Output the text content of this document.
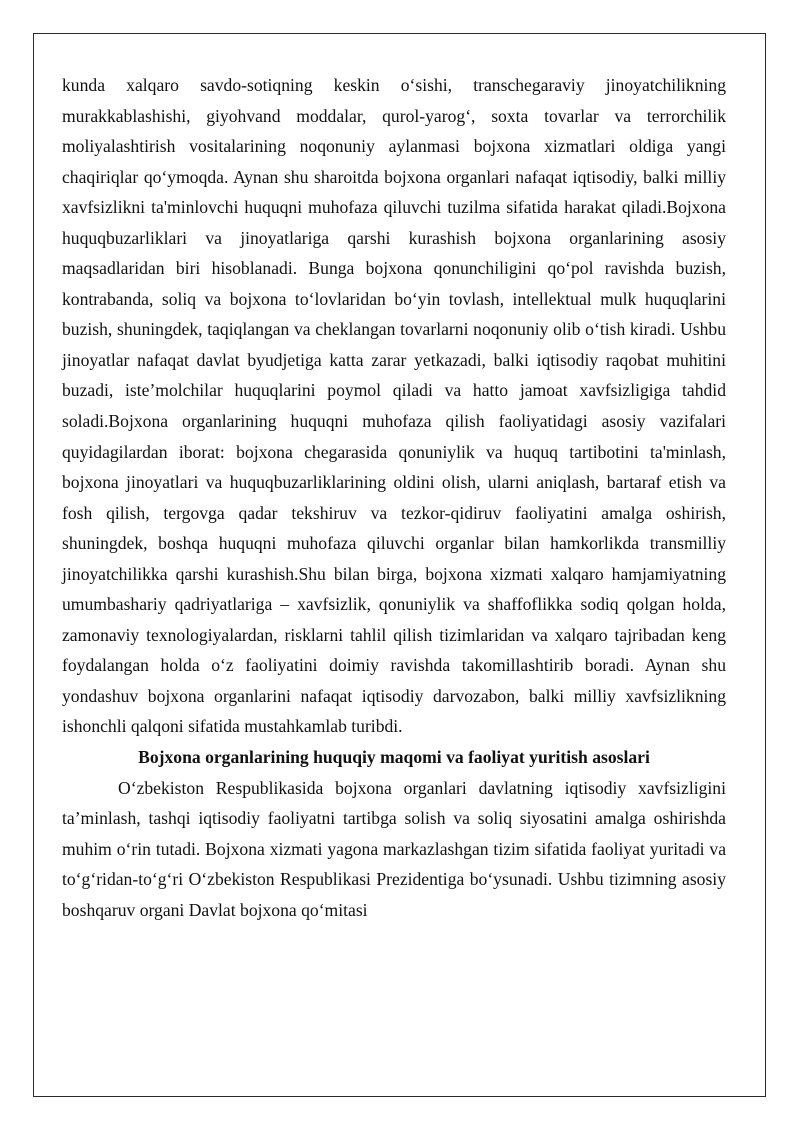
kunda xalqaro savdo-sotiqning keskin o‘sishi, transchegaraviy jinoyatchilikning murakkablashishi, giyohvand moddalar, qurol-yarog‘, soxta tovarlar va terrorchilik moliyalashtirish vositalarining noqonuniy aylanmasi bojxona xizmatlari oldiga yangi chaqiriqlar qo‘ymoqda. Aynan shu sharoitda bojxona organlari nafaqat iqtisodiy, balki milliy xavfsizlikni ta'minlovchi huquqni muhofaza qiluvchi tuzilma sifatida harakat qiladi.Bojxona huquqbuzarliklari va jinoyatlariga qarshi kurashish bojxona organlarining asosiy maqsadlaridan biri hisoblanadi. Bunga bojxona qonunchiligini qo‘pol ravishda buzish, kontrabanda, soliq va bojxona to‘lovlaridan bo‘yin tovlash, intellektual mulk huquqlarini buzish, shuningdek, taqiqlangan va cheklangan tovarlarni noqonuniy olib o‘tish kiradi. Ushbu jinoyatlar nafaqat davlat byudjetiga katta zarar yetkazadi, balki iqtisodiy raqobat muhitini buzadi, iste’molchilar huquqlarini poymol qiladi va hatto jamoat xavfsizligiga tahdid soladi.Bojxona organlarining huquqni muhofaza qilish faoliyatidagi asosiy vazifalari quyidagilardan iborat: bojxona chegarasida qonuniylik va huquq tartibotini ta'minlash, bojxona jinoyatlari va huquqbuzarliklarining oldini olish, ularni aniqlash, bartaraf etish va fosh qilish, tergovga qadar tekshiruv va tezkor-qidiruv faoliyatini amalga oshirish, shuningdek, boshqa huquqni muhofaza qiluvchi organlar bilan hamkorlikda transmilliy jinoyatchilikka qarshi kurashish.Shu bilan birga, bojxona xizmati xalqaro hamjamiyatning umumbashariy qadriyatlariga – xavfsizlik, qonuniylik va shaffoflikka sodiq qolgan holda, zamonaviy texnologiyalardan, risklarni tahlil qilish tizimlaridan va xalqaro tajribadan keng foydalangan holda o‘z faoliyatini doimiy ravishda takomillashtirib boradi. Aynan shu yondashuv bojxona organlarini nafaqat iqtisodiy darvozabon, balki milliy xavfsizlikning ishonchli qalqoni sifatida mustahkamlab turibdi.

Bojxona organlarining huquqiy maqomi va faoliyat yuritish asoslari

O‘zbekiston Respublikasida bojxona organlari davlatning iqtisodiy xavfsizligini ta’minlash, tashqi iqtisodiy faoliyatni tartibga solish va soliq siyosatini amalga oshirishda muhim o‘rin tutadi. Bojxona xizmati yagona markazlashgan tizim sifatida faoliyat yuritadi va to‘g‘ridan-to‘g‘ri O‘zbekiston Respublikasi Prezidentiga bo‘ysunadi. Ushbu tizimning asosiy boshqaruv organi Davlat bojxona qo‘mitasi
